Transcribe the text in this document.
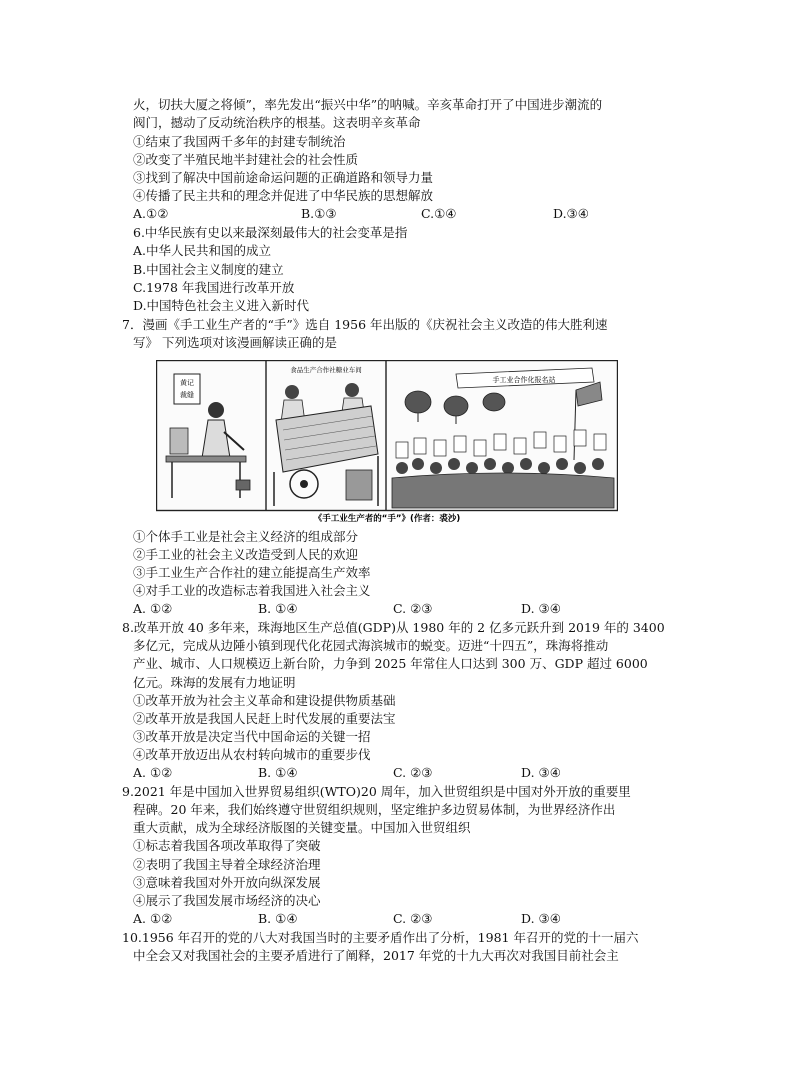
火，切扶大厦之将倾”，率先发出“振兴中华”的呐喊。辛亥革命打开了中国进步潮流的
阀门，撼动了反动统治秩序的根基。这表明辛亥革命
①结束了我国两千多年的封建专制统治
②改变了半殖民地半封建社会的社会性质
③找到了解决中国前途命运问题的正确道路和领导力量
④传播了民主共和的理念并促进了中华民族的思想解放
A.①②	B.①③	C.①④	D.③④
6.中华民族有史以来最深刻最伟大的社会变革是指
A.中华人民共和国的成立
B.中国社会主义制度的建立
C.1978 年我国进行改革开放
D.中国特色社会主义进入新时代
7．漫画《手工业生产者的“手”》选自 1956 年出版的《庆祝社会主义改造的伟大胜利速
写》 下列选项对该漫画解读正确的是
黄记
裁缝
食品生产合作社糖业车间
手工业合作化报名站
《手工业生产者的“手”》(作者：裘沙)
①个体手工业是社会主义经济的组成部分
②手工业的社会主义改造受到人民的欢迎
③手工业生产合作社的建立能提高生产效率
④对手工业的改造标志着我国进入社会主义
A. ①②	B. ①④	C. ②③	D. ③④
8.改革开放 40 多年来，珠海地区生产总值(GDP)从 1980 年的 2 亿多元跃升到 2019 年的 3400
多亿元，完成从边陲小镇到现代化花园式海滨城市的蜕变。迈进“十四五”，珠海将推动
产业、城市、人口规模迈上新台阶，力争到 2025 年常住人口达到 300 万、GDP 超过 6000
亿元。珠海的发展有力地证明
①改革开放为社会主义革命和建设提供物质基础
②改革开放是我国人民赶上时代发展的重要法宝
③改革开放是决定当代中国命运的关键一招
④改革开放迈出从农村转向城市的重要步伐
A. ①②	B. ①④	C. ②③	D. ③④
9.2021 年是中国加入世界贸易组织(WTO)20 周年，加入世贸组织是中国对外开放的重要里
程碑。20 年来，我们始终遵守世贸组织规则，坚定维护多边贸易体制，为世界经济作出
重大贡献，成为全球经济版图的关键变量。中国加入世贸组织
①标志着我国各项改革取得了突破
②表明了我国主导着全球经济治理
③意味着我国对外开放向纵深发展
④展示了我国发展市场经济的决心
A. ①②	B. ①④	C. ②③	D. ③④
10.1956 年召开的党的八大对我国当时的主要矛盾作出了分析，1981 年召开的党的十一届六
中全会又对我国社会的主要矛盾进行了阐释，2017 年党的十九大再次对我国目前社会主
